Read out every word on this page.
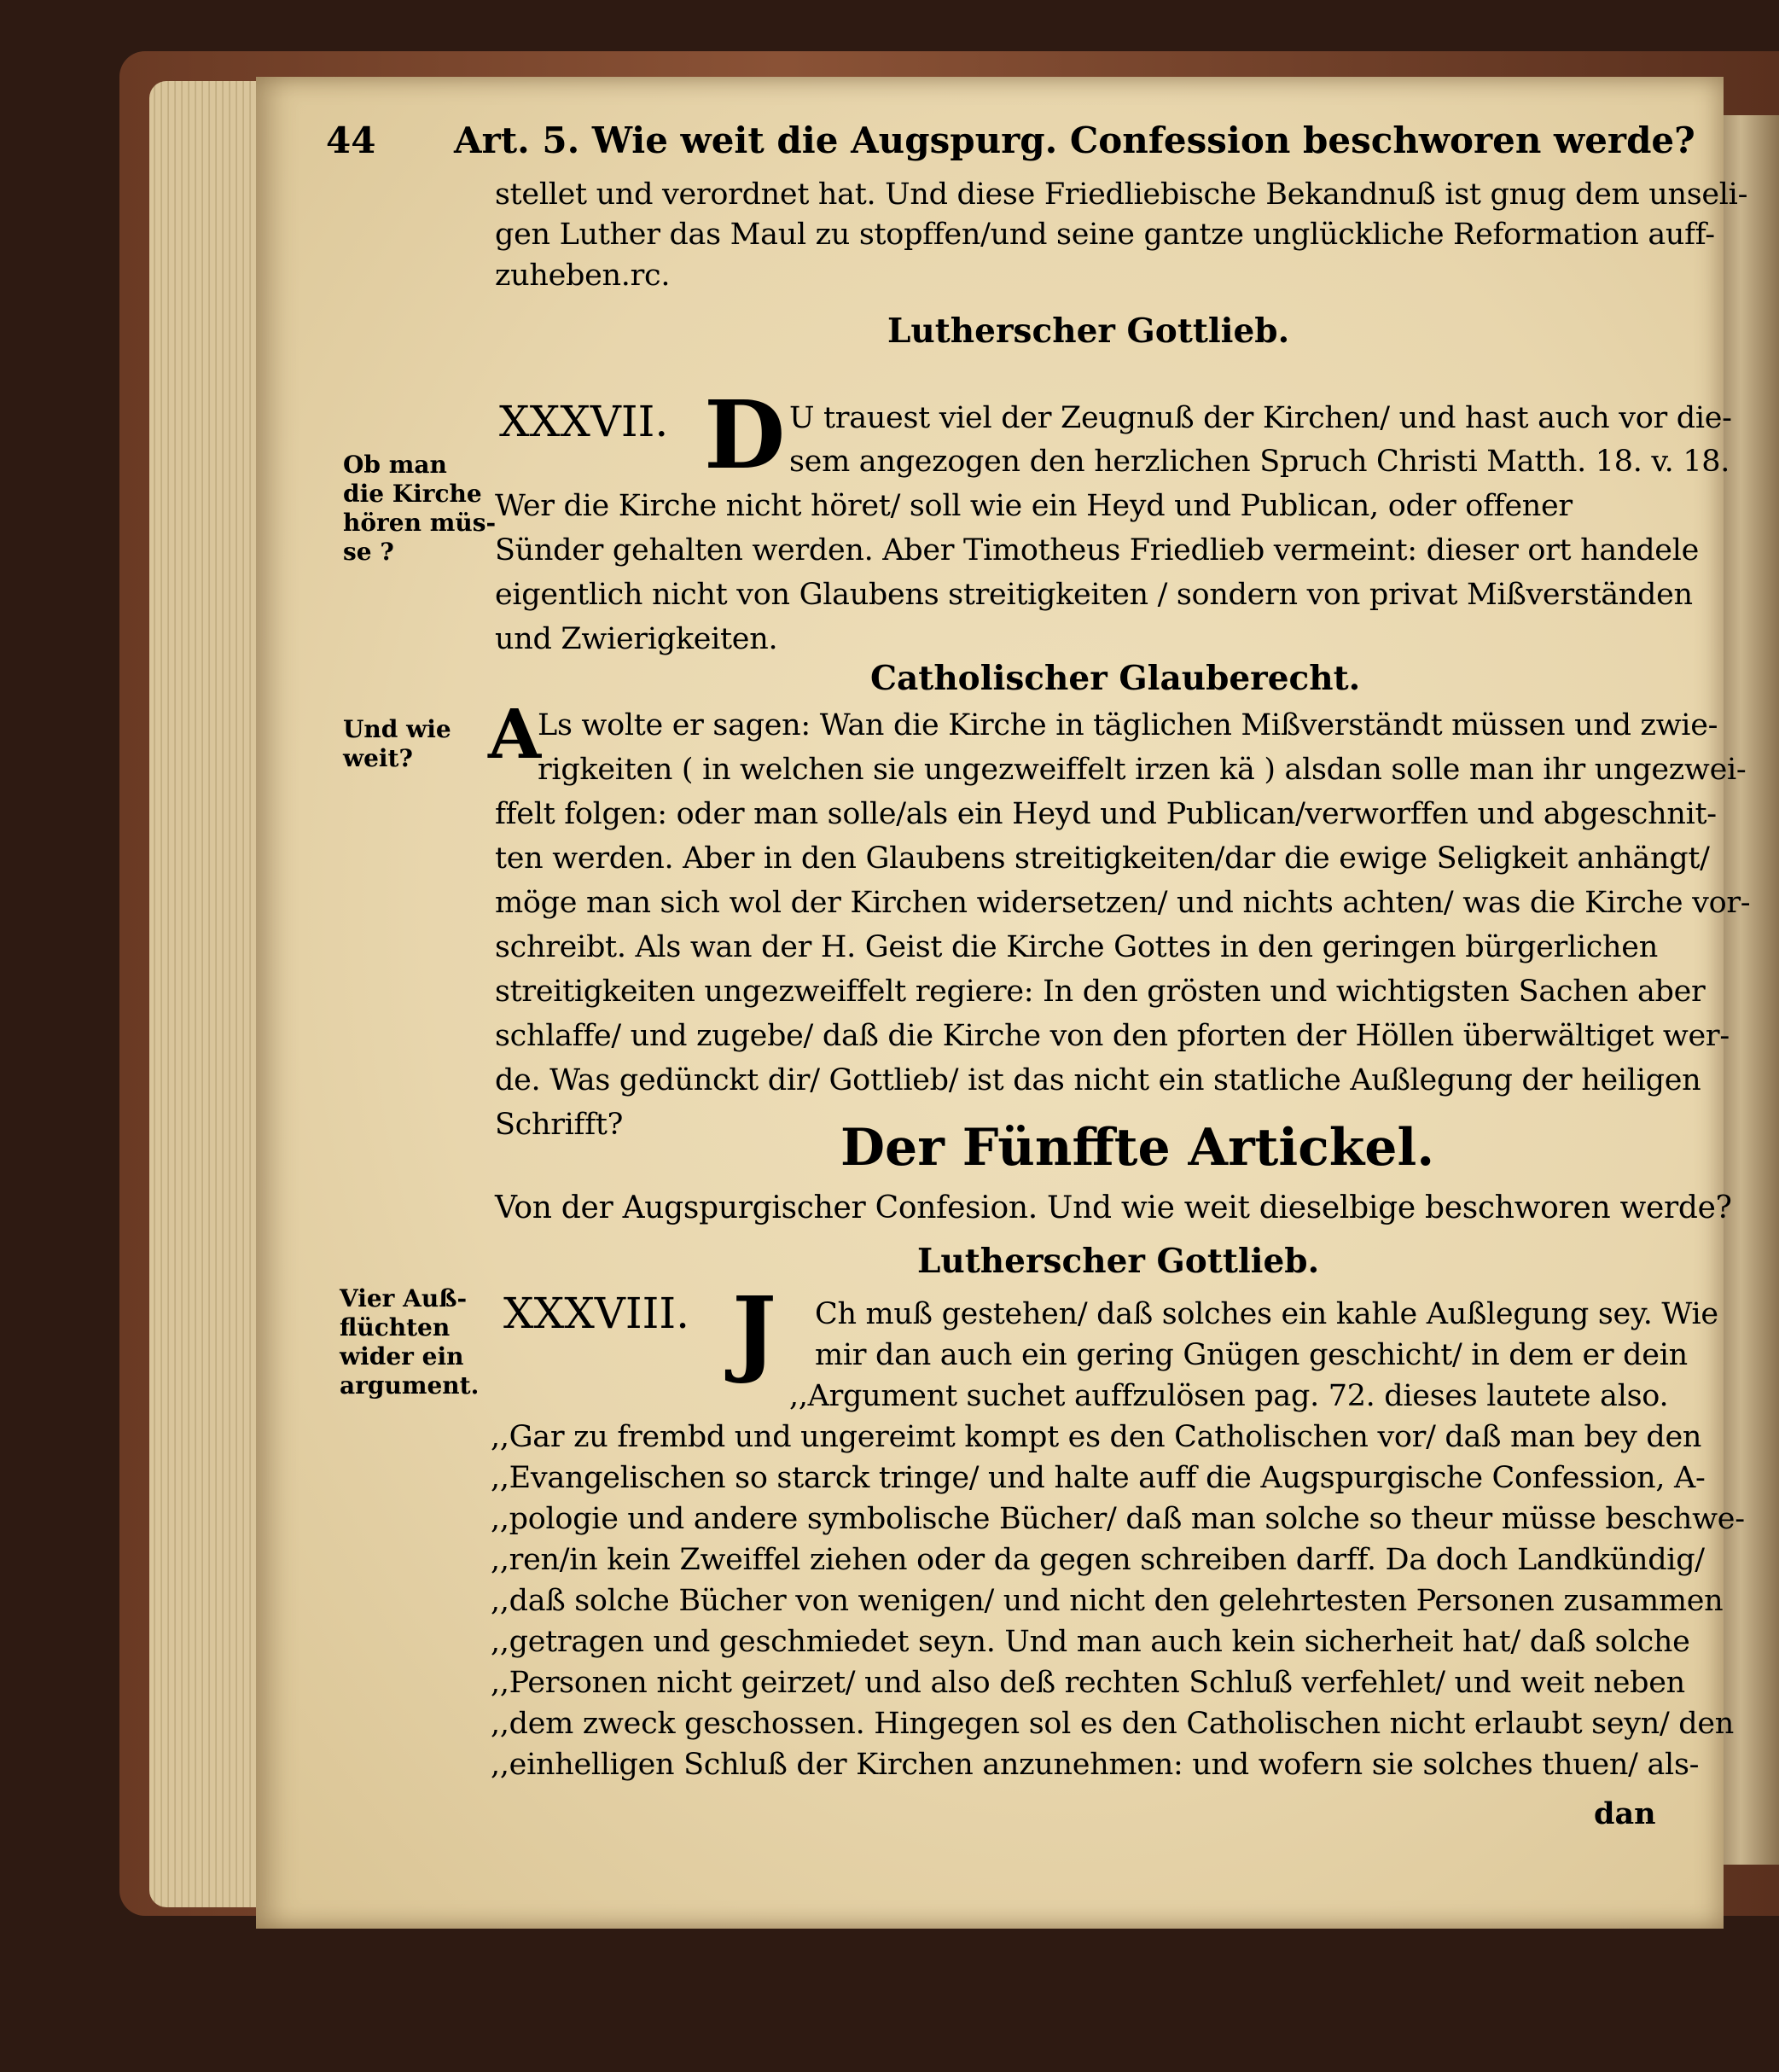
44 Art. 5. Wie weit die Augspurg. Confession beschworen werde?
stellet und verordnet hat. Und diese Friedliebische Bekandnuß ist gnug dem unseli-
gen Luther das Maul zu stopffen/und seine gantze unglückliche Reformation auff-
zuheben.rc.
Lutherscher Gottlieb.
XXXVII. D U trauest viel der Zeugnuß der Kirchen/ und hast auch vor die-
sem angezogen den herzlichen Spruch Christi Matth. 18. v. 18.
Wer die Kirche nicht höret/ soll wie ein Heyd und Publican, oder offener
Sünder gehalten werden. Aber Timotheus Friedlieb vermeint: dieser ort handele
eigentlich nicht von Glaubens streitigkeiten / sondern von privat Mißverständen
und Zwierigkeiten.
Ob man
die Kirche
hören müs-
se ?
Catholischer Glauberecht.
A
Ls wolte er sagen: Wan die Kirche in täglichen Mißverständt müssen und zwie-
rigkeiten ( in welchen sie ungezweiffelt irzen kä ) alsdan solle man ihr ungezwei-
ffelt folgen: oder man solle/als ein Heyd und Publican/verworffen und abgeschnit-
ten werden. Aber in den Glaubens streitigkeiten/dar die ewige Seligkeit anhängt/
möge man sich wol der Kirchen widersetzen/ und nichts achten/ was die Kirche vor-
schreibt. Als wan der H. Geist die Kirche Gottes in den geringen bürgerlichen
streitigkeiten ungezweiffelt regiere: In den grösten und wichtigsten Sachen aber
schlaffe/ und zugebe/ daß die Kirche von den pforten der Höllen überwältiget wer-
de. Was gedünckt dir/ Gottlieb/ ist das nicht ein statliche Außlegung der heiligen
Schrifft?
Und wie
weit?
Der Fünffte Artickel.
Von der Augspurgischer Confesion. Und wie weit dieselbige beschworen werde?
Lutherscher Gottlieb.
XXXVIII. J Ch muß gestehen/ daß solches ein kahle Außlegung sey. Wie
mir dan auch ein gering Gnügen geschicht/ in dem er dein
,,Argument suchet auffzulösen pag. 72. dieses lautete also.
,,Gar zu frembd und ungereimt kompt es den Catholischen vor/ daß man bey den
,,Evangelischen so starck tringe/ und halte auff die Augspurgische Confession, A-
,,pologie und andere symbolische Bücher/ daß man solche so theur müsse beschwe-
,,ren/in kein Zweiffel ziehen oder da gegen schreiben darff. Da doch Landkündig/
,,daß solche Bücher von wenigen/ und nicht den gelehrtesten Personen zusammen
,,getragen und geschmiedet seyn. Und man auch kein sicherheit hat/ daß solche
,,Personen nicht geirzet/ und also deß rechten Schluß verfehlet/ und weit neben
,,dem zweck geschossen. Hingegen sol es den Catholischen nicht erlaubt seyn/ den
,,einhelligen Schluß der Kirchen anzunehmen: und wofern sie solches thuen/ als-
Vier Auß-
flüchten
wider ein
argument.
dan
